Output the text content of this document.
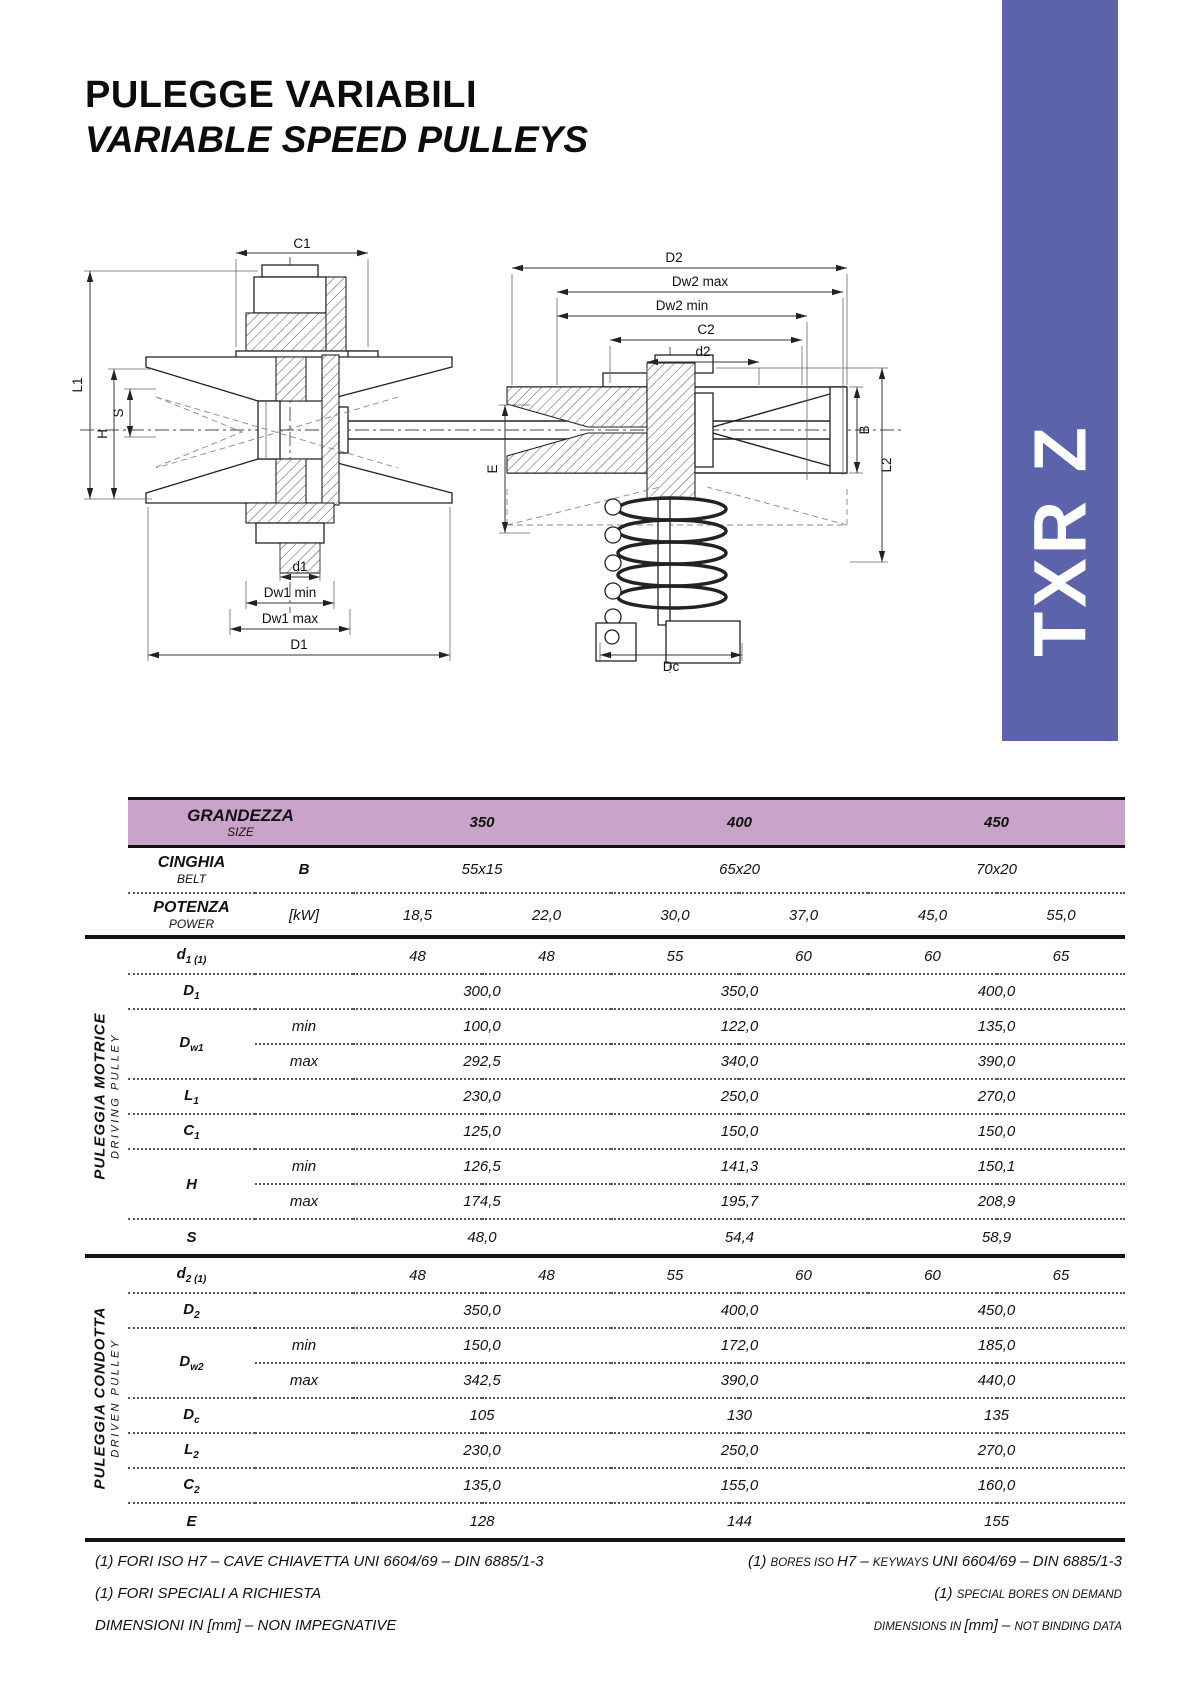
PULEGGE VARIABILI
VARIABLE SPEED PULLEYS
TXR Z
C1
L1
H
S
d1
Dw1 min
Dw1 max
D1
D2
Dw2 max
Dw2 min
C2
d2
B
L2
E
Dc
GRANDEZZA
SIZE		350		400		450	

CINGHIA
BELT	B	55x15		65x20		70x20	

POTENZA
POWER	[kW]	18,5	22,0	30,0	37,0	45,0	55,0
$d_{1 (1)}$		48	48	55	60	60	65
$D_1$		300,0		350,0		400,0	
$D_{w1}$	min	100,0		122,0		135,0	
	max	292,5		340,0		390,0	
$L_1$		230,0		250,0		270,0	
$C_1$		125,0		150,0		150,0	
H	min	126,5		141,3		150,1	
	max	174,5		195,7		208,9	
S		48,0		54,4		58,9	
$d_{2 (1)}$		48	48	55	60	60	65
$D_2$		350,0		400,0		450,0	
$D_{w2}$	min	150,0		172,0		185,0	
	max	342,5		390,0		440,0	
$D_c$		105		130		135	
$L_2$		230,0		250,0		270,0	
$C_2$		135,0		155,0		160,0	
E		128		144		155	
PULEGGIA MOTRICE DRIVING PULLEY
PULEGGIA CONDOTTA DRIVEN PULLEY
(1) FORI ISO H7 – CAVE CHIAVETTA UNI 6604/69 – DIN 6885/1-3
(1) FORI SPECIALI A RICHIESTA
DIMENSIONI IN [mm] – NON IMPEGNATIVE
(1) BORES ISO H7 – KEYWAYS UNI 6604/69 – DIN 6885/1-3
(1) SPECIAL BORES ON DEMAND
DIMENSIONS IN [mm] – NOT BINDING DATA
